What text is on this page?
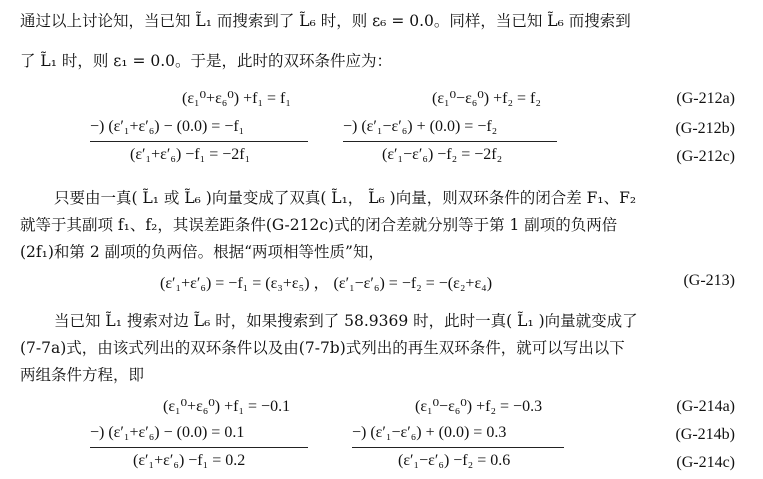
通过以上讨论知，当已知 L̃₁ 而搜索到了 L̃₆ 时，则 ε₆ = 0.0。同样，当已知 L̃₆ 而搜索到
了 L̃₁ 时，则 ε₁ = 0.0。于是，此时的双环条件应为：
(ε₁⁰+ε₆⁰) +f₁ = f₁	(ε₁⁰−ε₆⁰) +f₂ = f₂	(G-212a)
−) (ε′₁+ε′₆) − (0.0) = −f₁	−) (ε′₁−ε′₆) + (0.0) = −f₂	(G-212b)
(ε′₁+ε′₆) −f₁ = −2f₁	(ε′₁−ε′₆) −f₂ = −2f₂	(G-212c)
只要由一真( L̃₁ 或 L̃₆ )向量变成了双真( L̃₁， L̃₆ )向量，则双环条件的闭合差 F₁、F₂
就等于其副项 f₁、f₂，其误差距条件(G-212c)式的闭合差就分别等于第 1 副项的负两倍
(2f₁)和第 2 副项的负两倍。根据“两项相等性质”知，
(ε′₁+ε′₆) = −f₁ = (ε₃+ε₅) ， (ε′₁−ε′₆) = −f₂ = −(ε₂+ε₄)	(G-213)
当已知 L̃₁ 搜索对边 L̃₆ 时，如果搜索到了 58.9369 时，此时一真( L̃₁ )向量就变成了
(7-7a)式，由该式列出的双环条件以及由(7-7b)式列出的再生双环条件，就可以写出以下
两组条件方程，即
(ε₁⁰+ε₆⁰) +f₁ = −0.1	(ε₁⁰−ε₆⁰) +f₂ = −0.3	(G-214a)
−) (ε′₁+ε′₆) − (0.0) = 0.1	−) (ε′₁−ε′₆) + (0.0) = 0.3	(G-214b)
(ε′₁+ε′₆) −f₁ = 0.2	(ε′₁−ε′₆) −f₂ = 0.6	(G-214c)
